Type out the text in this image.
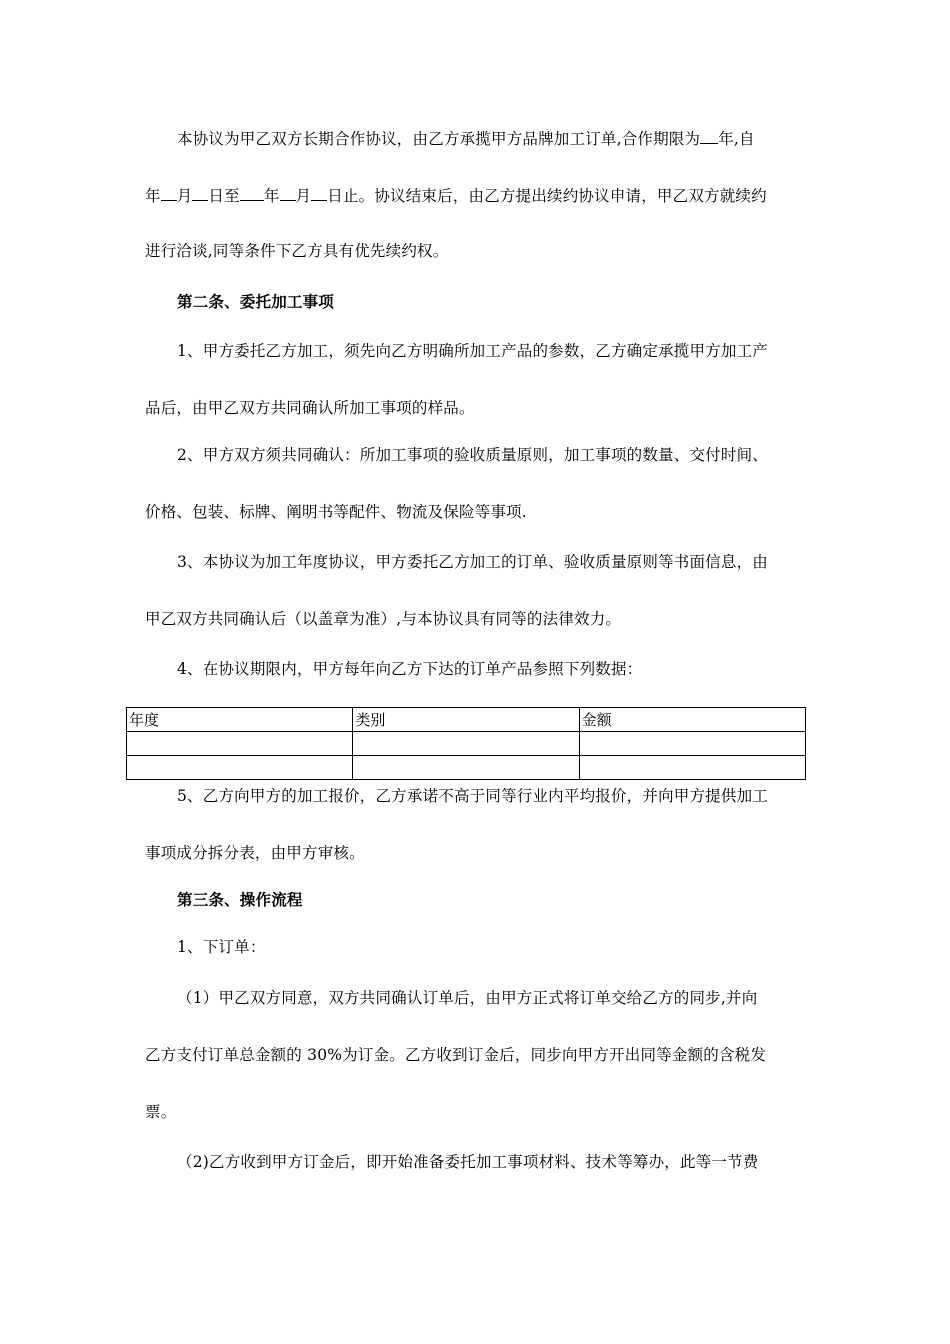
本协议为甲乙双方长期合作协议，由乙方承揽甲方品牌加工订单,合作期限为 年,自
年 月 日至 年 月 日止。协议结束后，由乙方提出续约协议申请，甲乙双方就续约
进行洽谈,同等条件下乙方具有优先续约权。
第二条、委托加工事项
1、甲方委托乙方加工，须先向乙方明确所加工产品的参数，乙方确定承揽甲方加工产
品后，由甲乙双方共同确认所加工事项的样品。
2、甲方双方须共同确认：所加工事项的验收质量原则，加工事项的数量、交付时间、
价格、包装、标牌、阐明书等配件、物流及保险等事项.
3、本协议为加工年度协议，甲方委托乙方加工的订单、验收质量原则等书面信息，由
甲乙双方共同确认后（以盖章为准）,与本协议具有同等的法律效力。
4、在协议期限内，甲方每年向乙方下达的订单产品参照下列数据：
年度	类别	金额

5、乙方向甲方的加工报价，乙方承诺不高于同等行业内平均报价，并向甲方提供加工
事项成分拆分表，由甲方审核。
第三条、操作流程
1、下订单：
（1）甲乙双方同意，双方共同确认订单后，由甲方正式将订单交给乙方的同步,并向
乙方支付订单总金额的 30%为订金。乙方收到订金后，同步向甲方开出同等金额的含税发
票。
（2)乙方收到甲方订金后，即开始准备委托加工事项材料、技术等筹办，此等一节费
